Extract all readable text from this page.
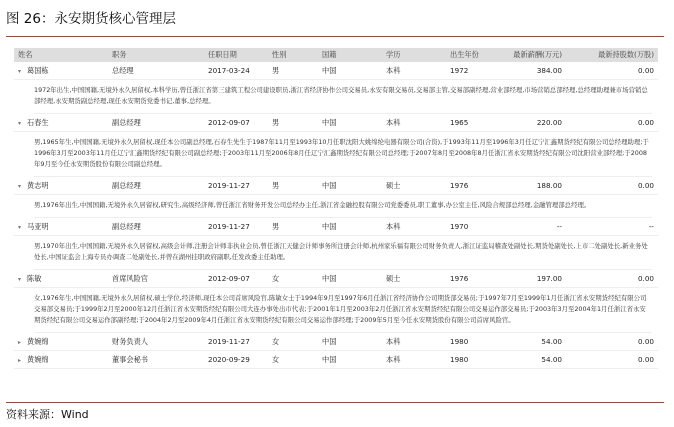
图 26：永安期货核心管理层
姓名	职务	任职日期	性别	国籍	学历	出生年份	最新薪酬(万元)	最新持股数(万股)
▾ 葛国栋	总经理	2017-03-24	男	中国	本科	1972	384.00	0.00
1972年出生,中国国籍,无境外永久居留权,本科学历,曾任浙江省第三建筑工程公司建设职员,浙江省经济协作公司交易员,永安有限交易员,交易部主管,交易部副经理,营业部经理,市场营销总部经理,总经理助理兼市场营销总部经理,永安期货副总经理,现任永安期货党委书记,董事,总经理。
▾ 石春生	副总经理	2012-09-07	男	中国	本科	1965	220.00	0.00
男,1965年生,中国国籍,无境外永久居留权,现任本公司副总经理,石春生先生于1987年11月至1993年10月任职沈阳大姚绵纶电器有限公司(合资),于1993年11月至1996年3月任辽宁汇鑫期货经纪有限公司总经理助理;于1996年3月至2003年11月任辽宁汇鑫期货经纪有限公司副总经理;于2003年11月至2006年8月任辽宁汇鑫期货经纪有限公司总经理;于2007年8月至2008年8月任浙江省永安期货经纪有限公司沈阳营业部经理;于2008年9月至今任永安期货股份有限公司副总经理。
▾ 黄志明	副总经理	2019-11-27	男	中国	硕士	1976	188.00	0.00
男,1976年出生,中国国籍,无境外永久居留权,研究生,高级经济师,曾任浙江省财务开发公司总经办主任,浙江省金融控股有限公司党委委员,职工董事,办公室主任,风险合规部总经理,金融管理部总经理。
▾ 马亚明	副总经理	2019-11-27	男	中国	本科	1970	--	--
男,1970年出生,中国国籍,无境外永久居留权,高级会计师,注册会计师非执业会员,曾任浙江天健会计师事务所注册会计师,杭州家乐福有限公司财务负责人,浙江证监局稽查处副处长,期货处副处长,上市二处副处长,新业务处处长,中国证监会上海专员办调查二处副处长,并曾在湖州挂职政府副职,任发改委主任助理。
▾ 陈敏	首席风险官	2012-09-07	女	中国	硕士	1976	197.00	0.00
女,1976年生,中国国籍,无境外永久居留权,硕士学位,经济师,现任本公司首席风险官,陈敏女士于1994年9月至1997年6月任浙江省经济协作公司期货部交易员;于1997年7月至1999年1月任浙江省永安期货经纪有限公司交易部交易员;于1999年2月至2000年12月任浙江省永安期货经纪有限公司大连办事处出市代表;于2001年1月至2003年2月任浙江省永安期货经纪有限公司交易运作部交易员;于2003年3月至2004年1月任浙江省永安期货经纪有限公司交易运作部副经理;于2004年2月至2009年4月任浙江省永安期货经纪有限公司交易运作部经理;于2009年5月至今任永安期货股份有限公司首席风险官。
▸ 黄婉绵	财务负责人	2019-11-27	女	中国	本科	1980	54.00	0.00
▸ 黄婉绵	董事会秘书	2020-09-29	女	中国	本科	1980	54.00	0.00
资料来源：Wind
